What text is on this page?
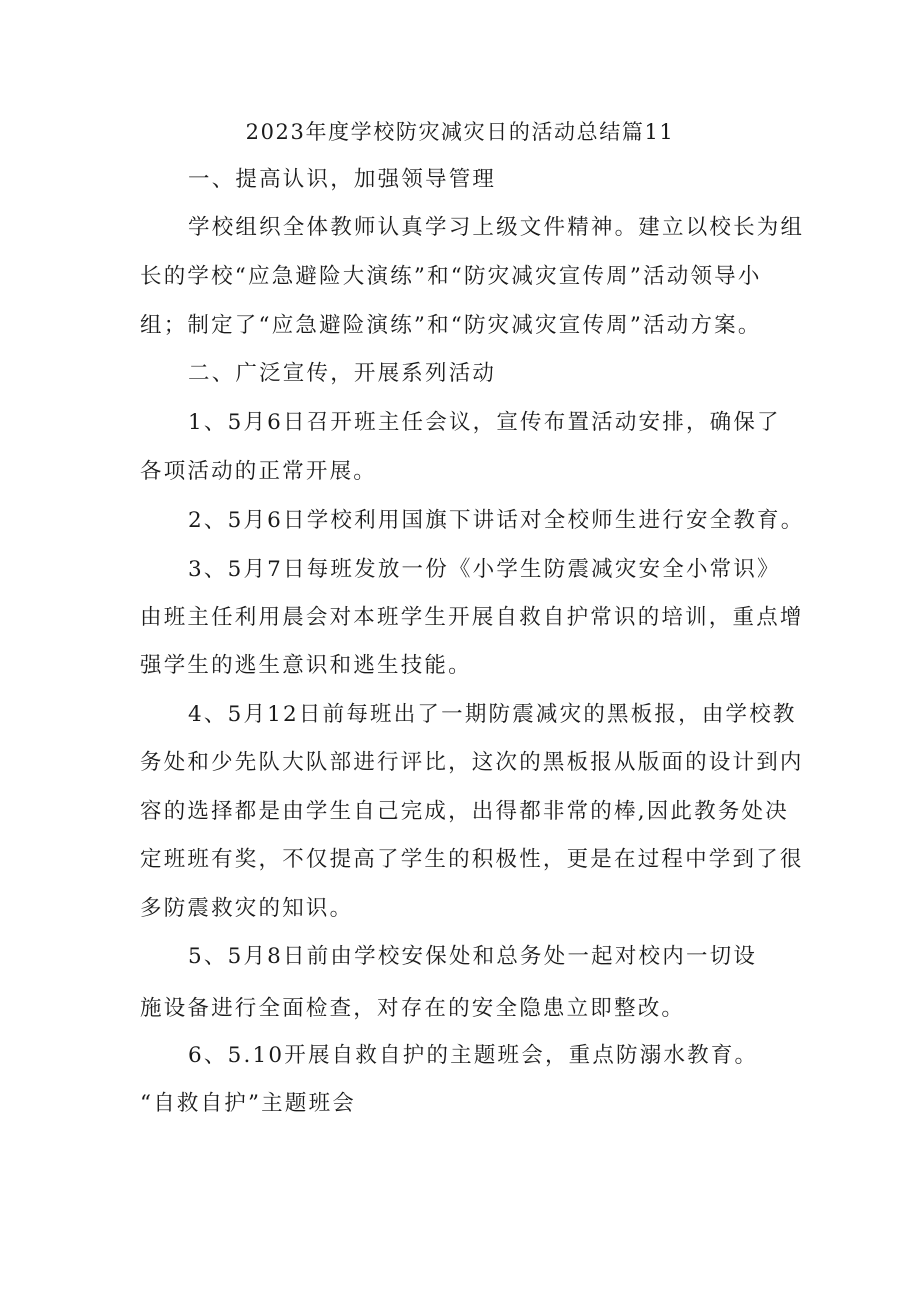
2023年度学校防灾减灾日的活动总结篇11

一、提高认识，加强领导管理

学校组织全体教师认真学习上级文件精神。建立以校长为组

长的学校“应急避险大演练”和“防灾减灾宣传周”活动领导小

组；制定了“应急避险演练”和“防灾减灾宣传周”活动方案。

二、广泛宣传，开展系列活动

1、5月6日召开班主任会议，宣传布置活动安排，确保了

各项活动的正常开展。

2、5月6日学校利用国旗下讲话对全校师生进行安全教育。

3、5月7日每班发放一份《小学生防震减灾安全小常识》

由班主任利用晨会对本班学生开展自救自护常识的培训，重点增

强学生的逃生意识和逃生技能。

4、5月12日前每班出了一期防震减灾的黑板报，由学校教

务处和少先队大队部进行评比，这次的黑板报从版面的设计到内

容的选择都是由学生自己完成，出得都非常的棒,因此教务处决

定班班有奖，不仅提高了学生的积极性，更是在过程中学到了很

多防震救灾的知识。

5、5月8日前由学校安保处和总务处一起对校内一切设

施设备进行全面检查，对存在的安全隐患立即整改。

6、5.10开展自救自护的主题班会，重点防溺水教育。

“自救自护”主题班会
